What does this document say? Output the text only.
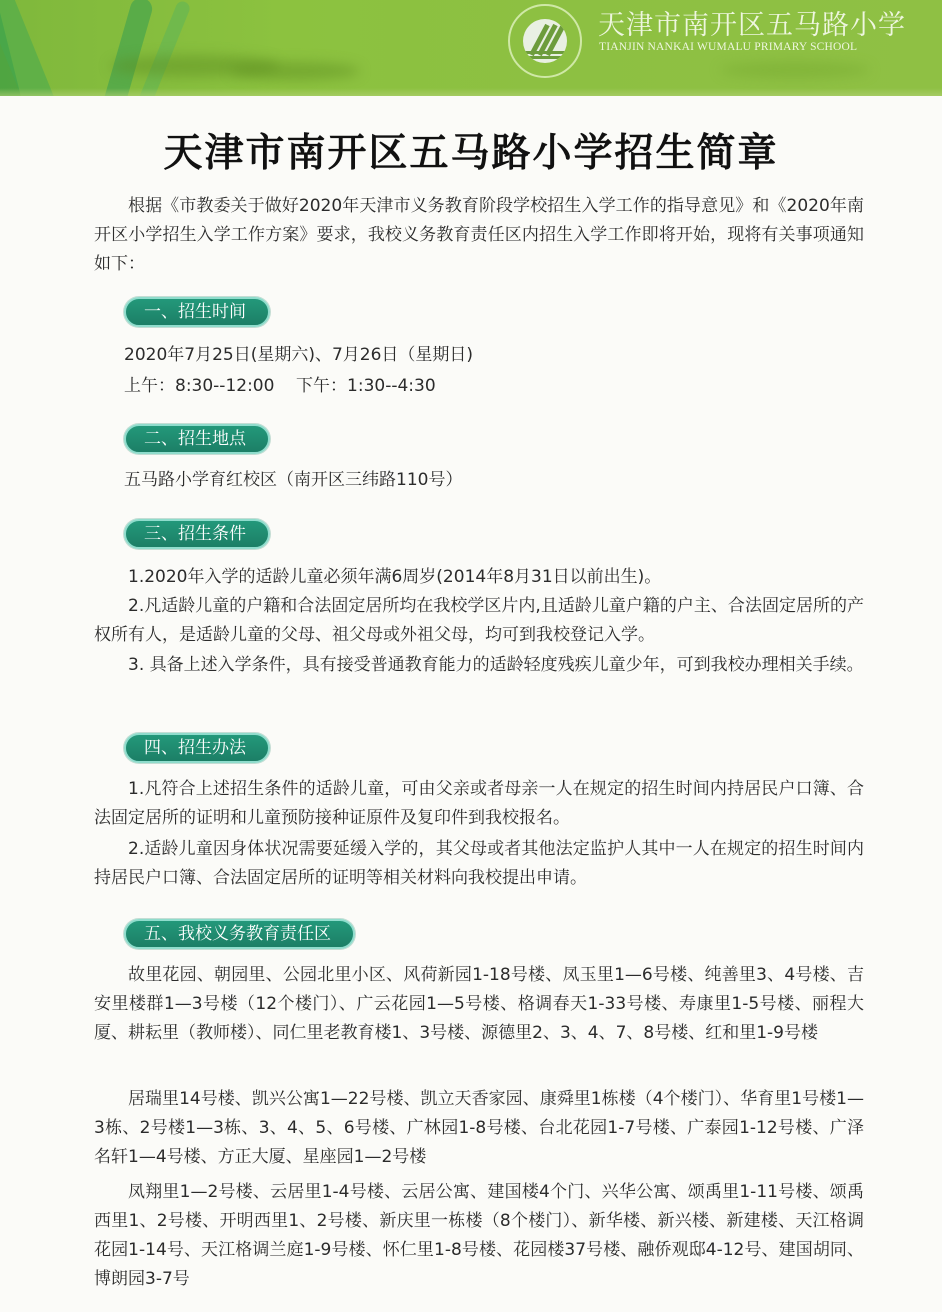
天津市南开区五马路小学
TIANJIN NANKAI WUMALU PRIMARY SCHOOL
天津市南开区五马路小学招生简章

根据《市教委关于做好2020年天津市义务教育阶段学校招生入学工作的指导意见》和《2020年南开区小学招生入学工作方案》要求，我校义务教育责任区内招生入学工作即将开始，现将有关事项通知如下：

一、招生时间
2020年7月25日(星期六)、7月26日（星期日)
上午：8:30--12:00    下午：1:30--4:30
二、招生地点
五马路小学育红校区（南开区三纬路110号）
三、招生条件

1.2020年入学的适龄儿童必须年满6周岁(2014年8月31日以前出生)。

2.凡适龄儿童的户籍和合法固定居所均在我校学区片内,且适龄儿童户籍的户主、合法固定居所的产权所有人，是适龄儿童的父母、祖父母或外祖父母，均可到我校登记入学。

3. 具备上述入学条件，具有接受普通教育能力的适龄轻度残疾儿童少年，可到我校办理相关手续。

四、招生办法

1.凡符合上述招生条件的适龄儿童，可由父亲或者母亲一人在规定的招生时间内持居民户口簿、合法固定居所的证明和儿童预防接种证原件及复印件到我校报名。

2.适龄儿童因身体状况需要延缓入学的，其父母或者其他法定监护人其中一人在规定的招生时间内持居民户口簿、合法固定居所的证明等相关材料向我校提出申请。

五、我校义务教育责任区

故里花园、朝园里、公园北里小区、风荷新园1-18号楼、凤玉里1—6号楼、纯善里3、4号楼、吉安里楼群1—3号楼（12个楼门）、广云花园1—5号楼、格调春天1-33号楼、寿康里1-5号楼、丽程大厦、耕耘里（教师楼）、同仁里老教育楼1、3号楼、源德里2、3、4、7、8号楼、红和里1-9号楼

居瑞里14号楼、凯兴公寓1—22号楼、凯立天香家园、康舜里1栋楼（4个楼门）、华育里1号楼1—3栋、2号楼1—3栋、3、4、5、6号楼、广林园1-8号楼、台北花园1-7号楼、广泰园1-12号楼、广泽名轩1—4号楼、方正大厦、星座园1—2号楼

凤翔里1—2号楼、云居里1-4号楼、云居公寓、建国楼4个门、兴华公寓、颂禹里1-11号楼、颂禹西里1、2号楼、开明西里1、2号楼、新庆里一栋楼（8个楼门）、新华楼、新兴楼、新建楼、天江格调花园1-14号、天江格调兰庭1-9号楼、怀仁里1-8号楼、花园楼37号楼、融侨观邸4-12号、建国胡同、博朗园3-7号
